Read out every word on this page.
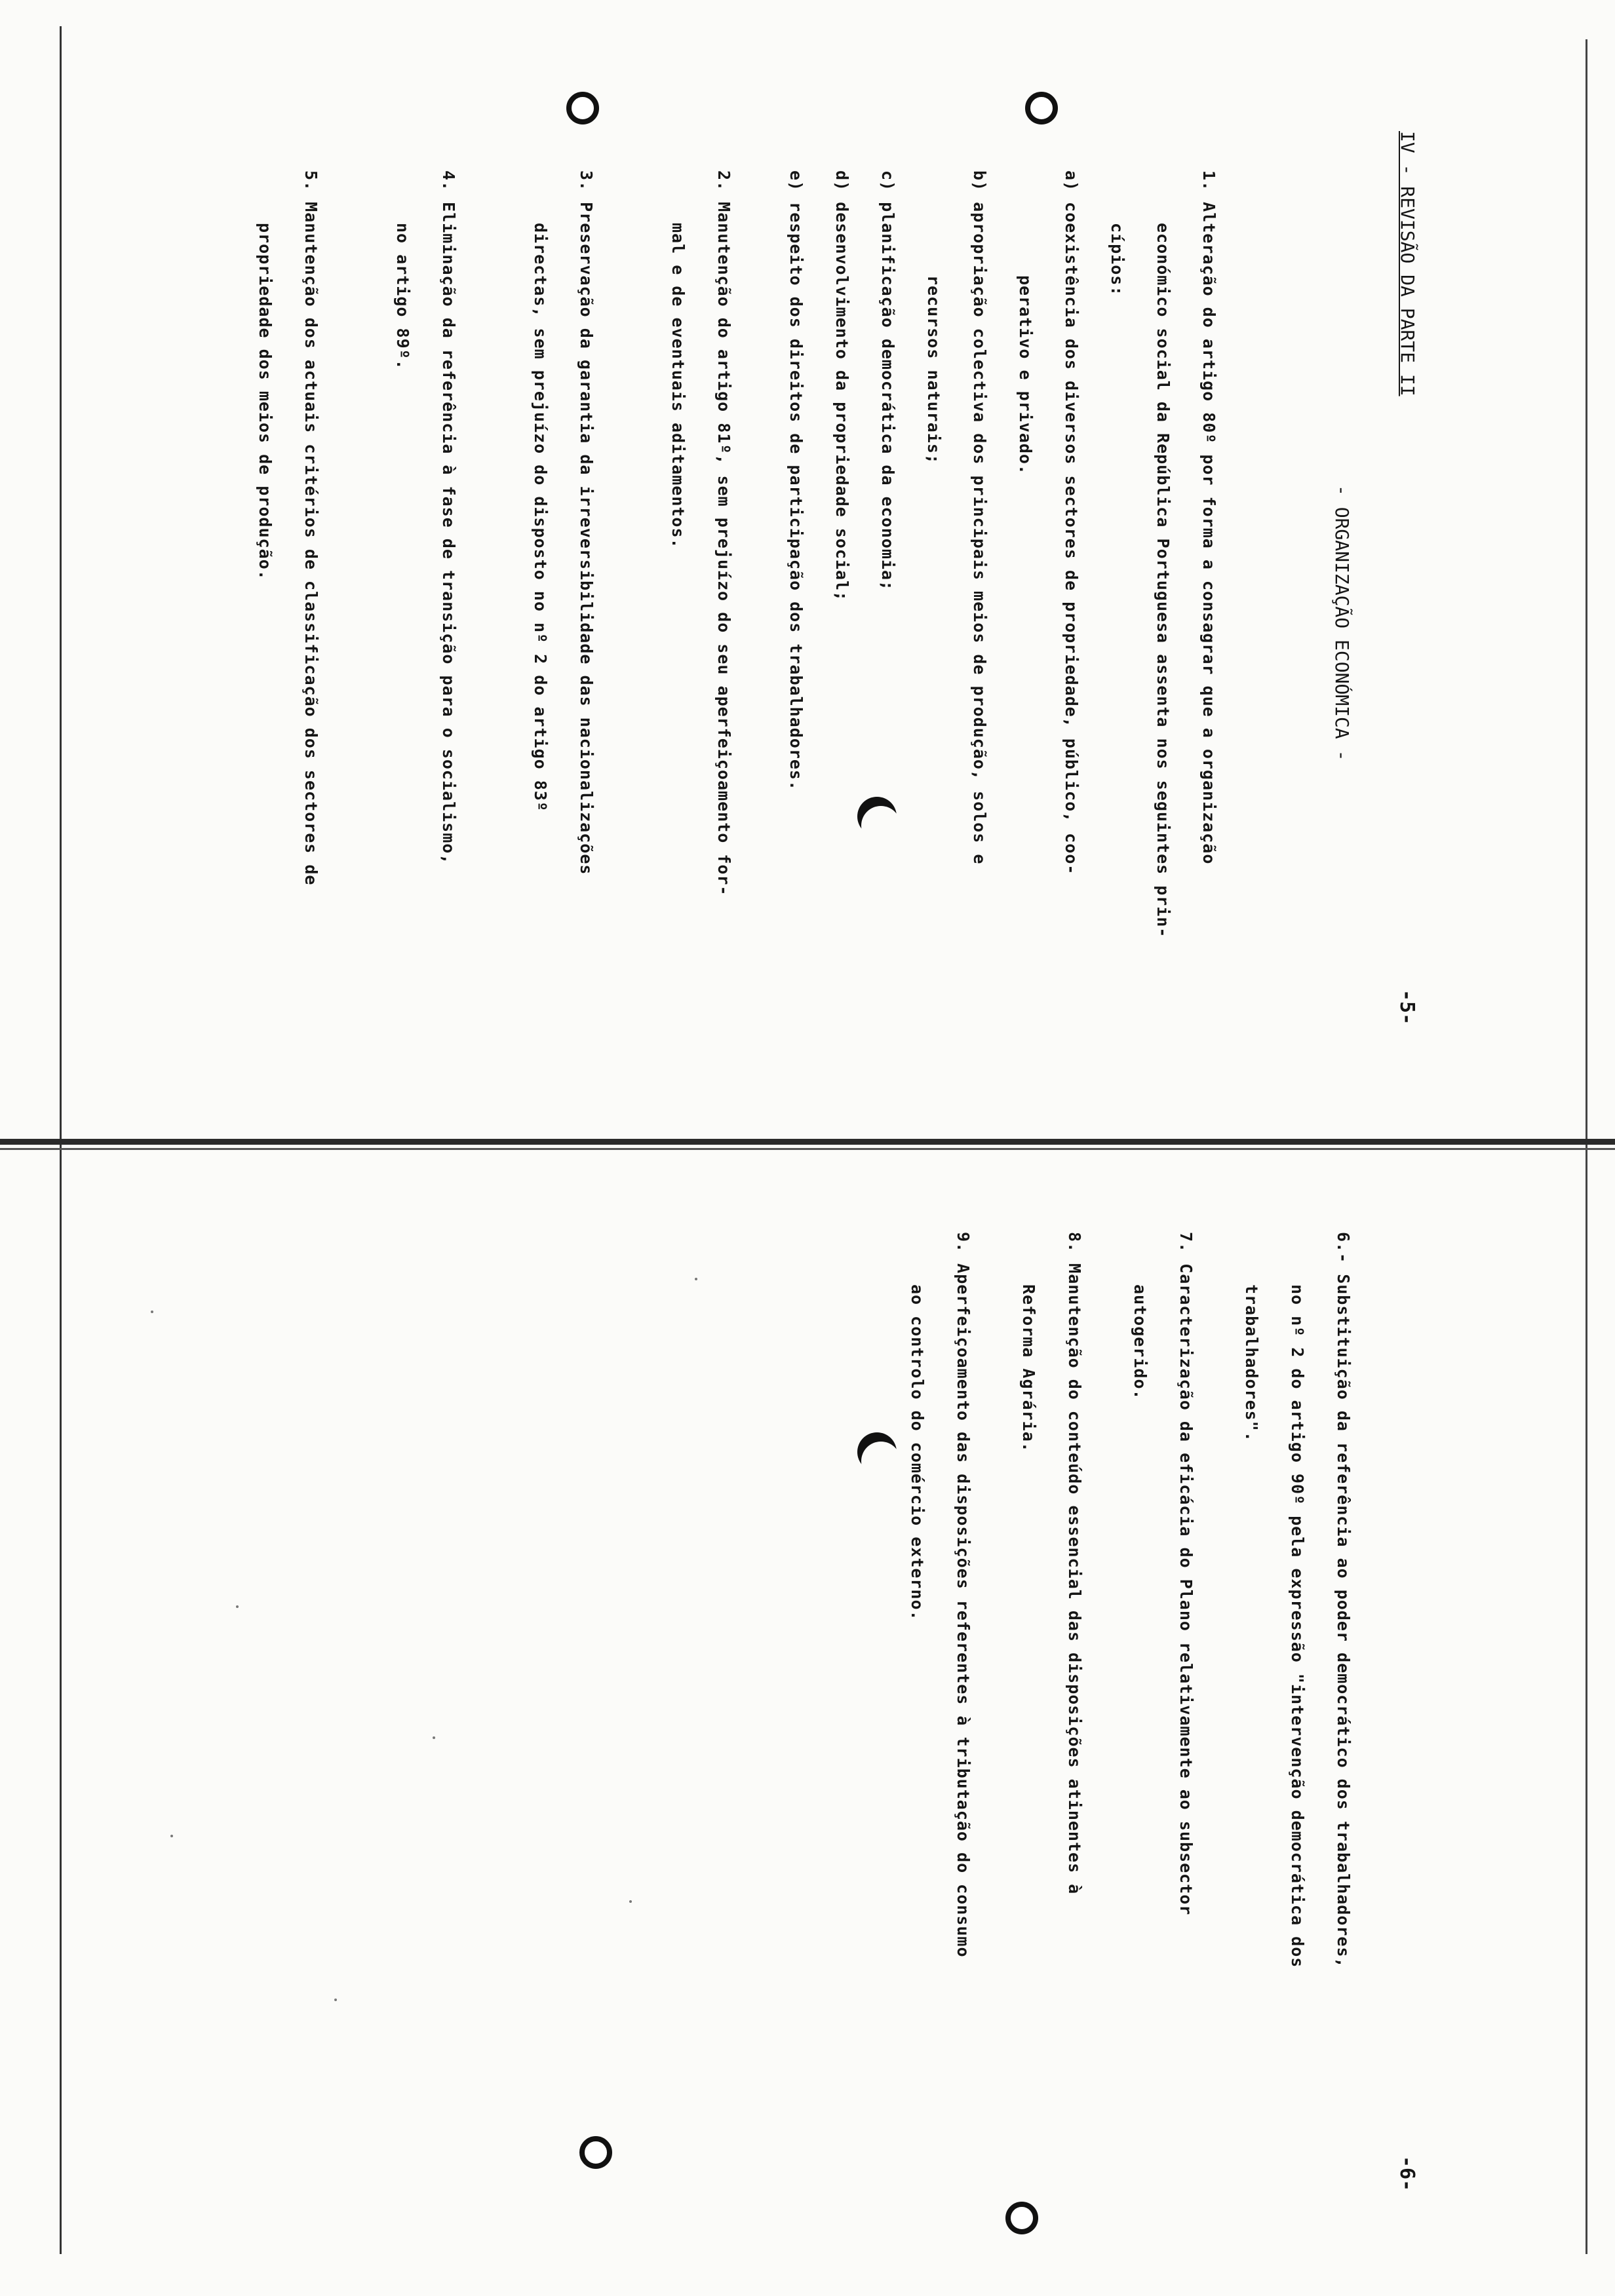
IV - REVISÃO DA PARTE II
-5-
- ORGANIZAÇÃO ECONÓMICA -

1. Alteração do artigo 80º por forma a consagrar que a organização

económico social da República Portuguesa assenta nos seguintes prin-

cípios:

a) coexistência dos diversos sectores de propriedade, público, coo-

perativo e privado.

b) apropriação colectiva dos principais meios de produção, solos e

recursos naturais;

c) planificação democrática da economia;

d) desenvolvimento da propriedade social;

e) respeito dos direitos de participação dos trabalhadores.

2. Manutenção do artigo 81º, sem prejuízo do seu aperfeiçoamento for-

mal e de eventuais aditamentos.

3. Preservação da garantia da irreversibilidade das nacionalizações

directas, sem prejuízo do disposto no nº 2 do artigo 83º

4. Eliminação da referência à fase de transição para o socialismo,

no artigo 89º.

5. Manutenção dos actuais critérios de classificação dos sectores de

propriedade dos meios de produção.

-6-

6.- Substituição da referência ao poder democrático dos trabalhadores,

no nº 2 do artigo 90º pela expressão "intervenção democrática dos

trabalhadores".

7. Caracterização da eficácia do Plano relativamente ao subsector

autogerido.

8. Manutenção do conteúdo essencial das disposições atinentes à

Reforma Agrária.

9. Aperfeiçoamento das disposições referentes à tributação do consumo

ao controlo do comércio externo.
